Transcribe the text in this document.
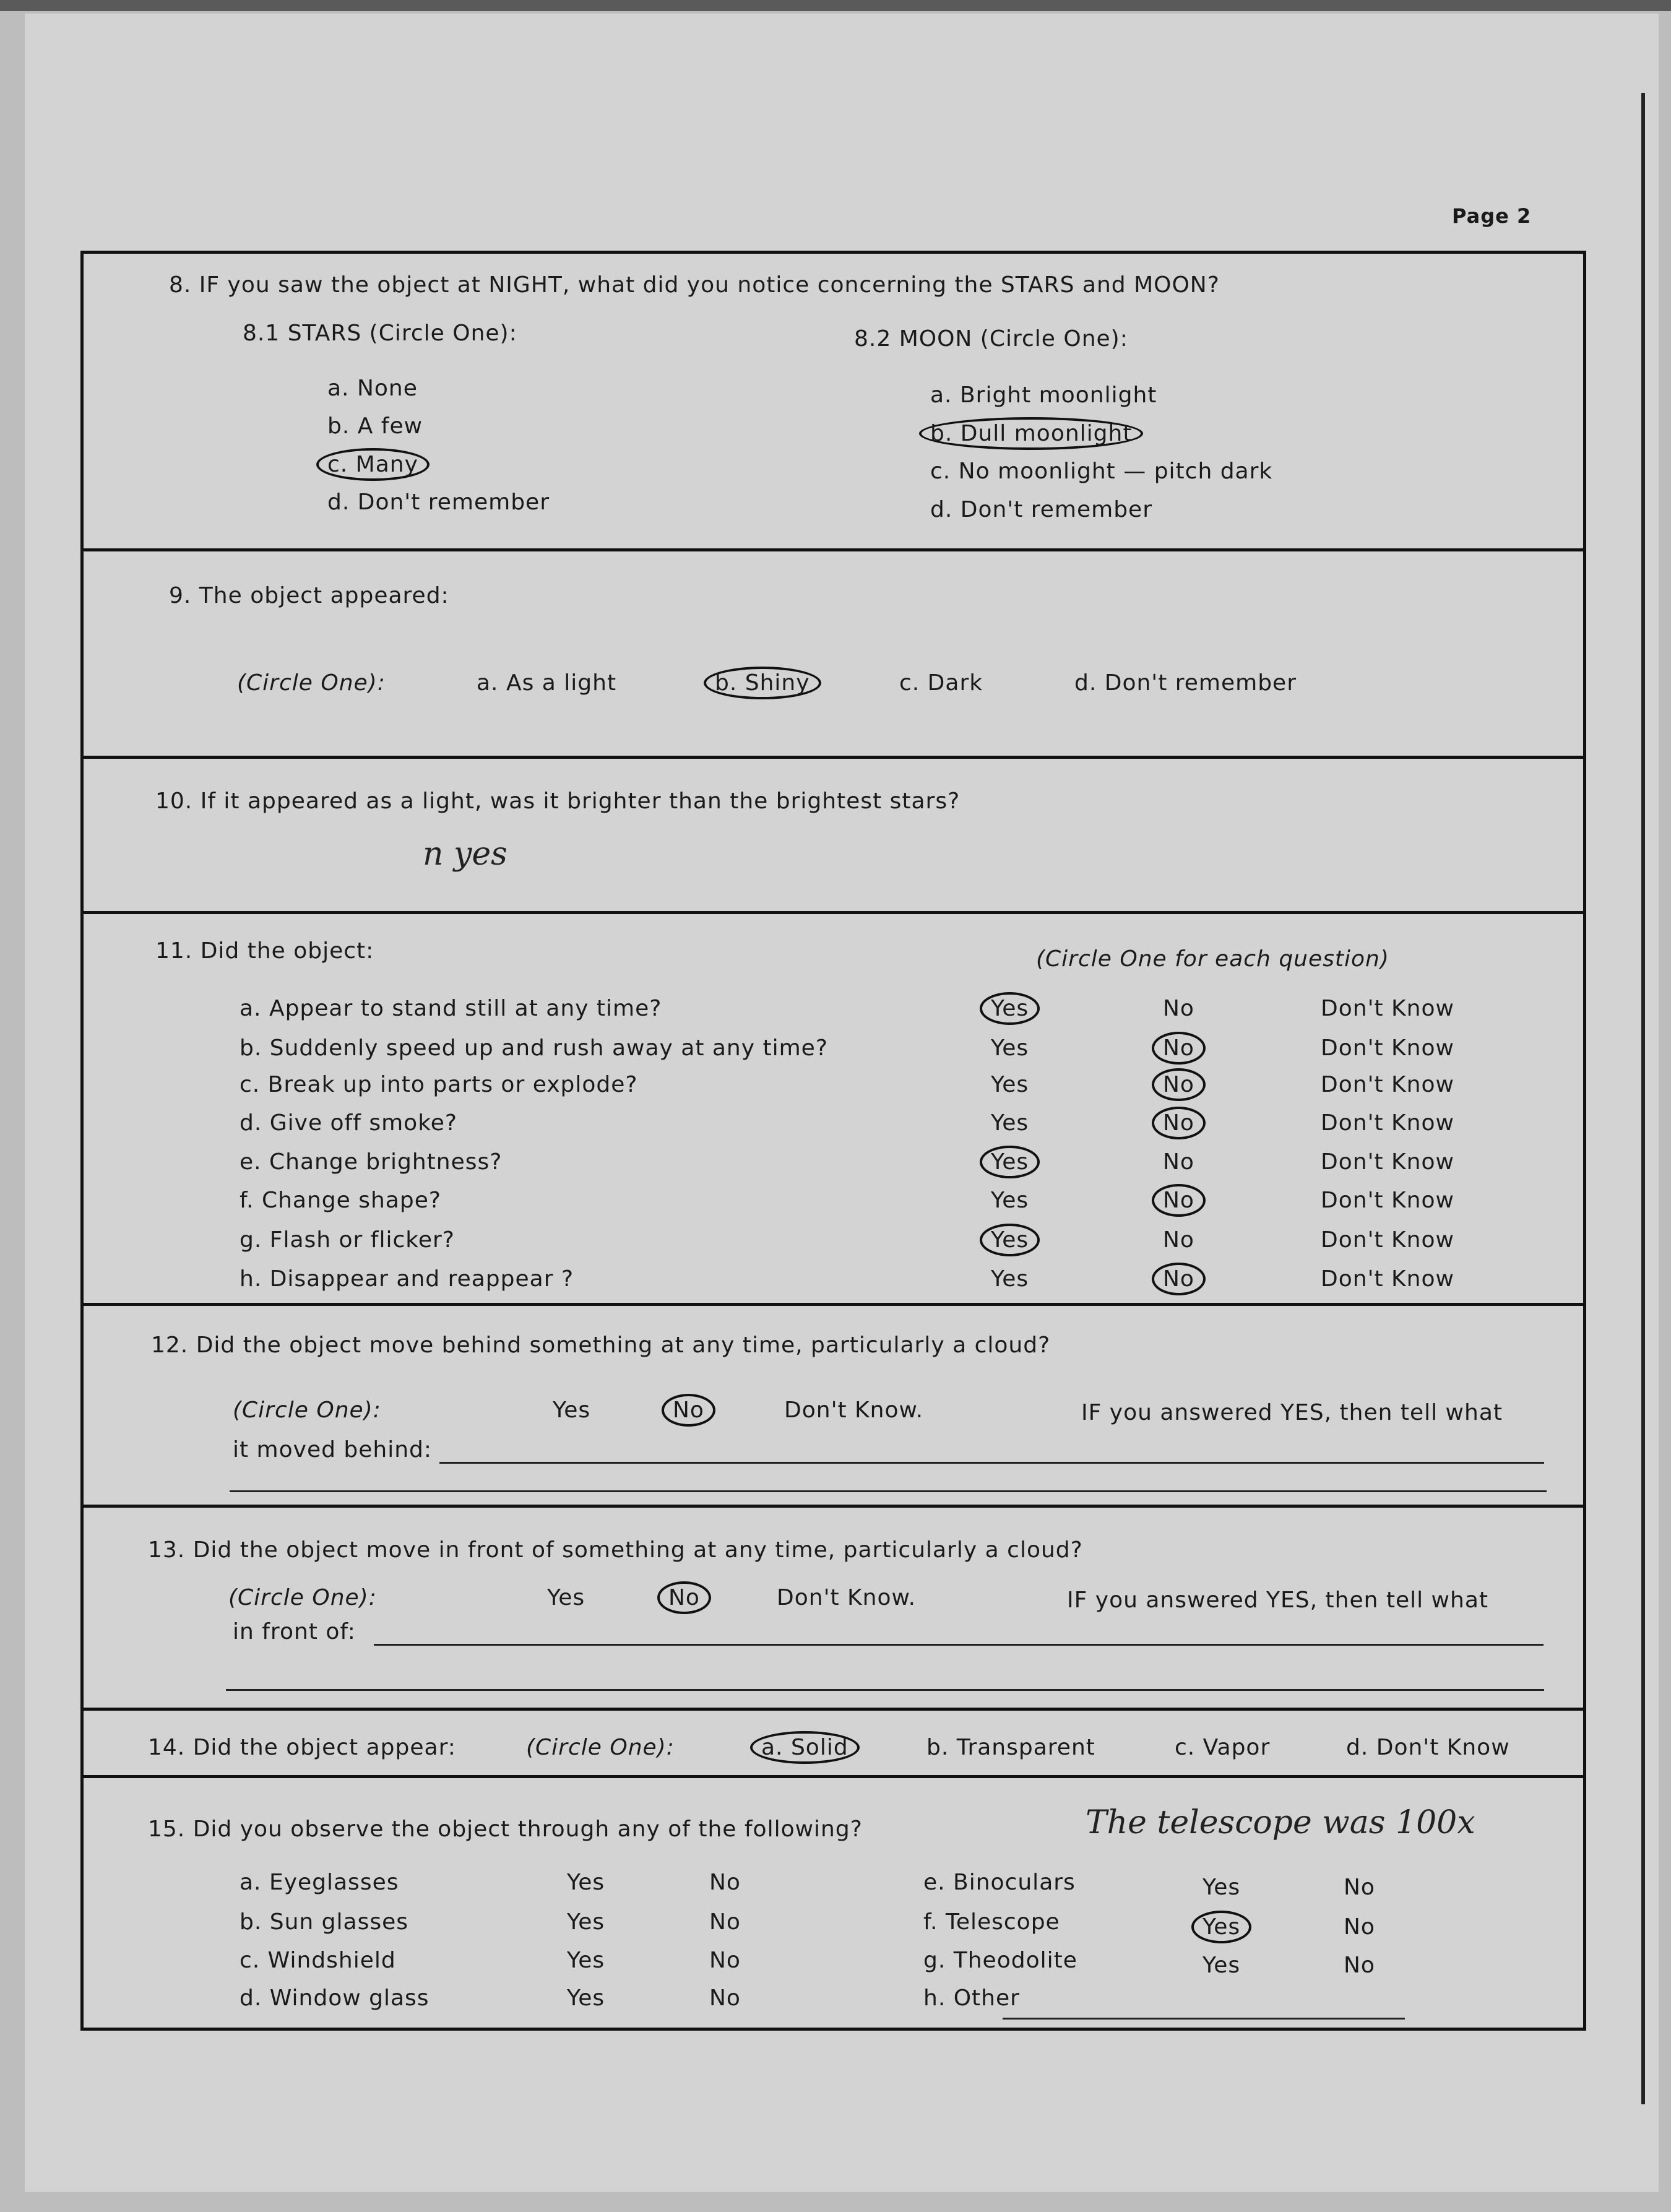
Page 2
8. IF you saw the object at NIGHT, what did you notice concerning the STARS and MOON?
8.1 STARS (Circle One):	8.2 MOON (Circle One):
a. None
b. A few
c. Many
d. Don't remember
a. Bright moonlight
b. Dull moonlight
c. No moonlight — pitch dark
d. Don't remember
9. The object appeared:
(Circle One):	a. As a light	b. Shiny	c. Dark	d. Don't remember
10. If it appeared as a light, was it brighter than the brightest stars?
n yes
11. Did the object:	(Circle One for each question)
a. Appear to stand still at any time?	Yes	No	Don't Know
b. Suddenly speed up and rush away at any time?	Yes	No	Don't Know
c. Break up into parts or explode?	Yes	No	Don't Know
d. Give off smoke?	Yes	No	Don't Know
e. Change brightness?	Yes	No	Don't Know
f. Change shape?	Yes	No	Don't Know
g. Flash or flicker?	Yes	No	Don't Know
h. Disappear and reappear ?	Yes	No	Don't Know
12. Did the object move behind something at any time, particularly a cloud?
(Circle One):	Yes	No	Don't Know.	IF you answered YES, then tell what
it moved behind:
13. Did the object move in front of something at any time, particularly a cloud?
(Circle One):	Yes	No	Don't Know.	IF you answered YES, then tell what
in front of:
14. Did the object appear:	(Circle One):	a. Solid	b. Transparent	c. Vapor	d. Don't Know
15. Did you observe the object through any of the following?	The telescope was 100x
a. Eyeglasses	Yes	No
b. Sun glasses	Yes	No
c. Windshield	Yes	No
d. Window glass	Yes	No
e. Binoculars	Yes	No
f. Telescope	Yes	No
g. Theodolite	Yes	No
h. Other
